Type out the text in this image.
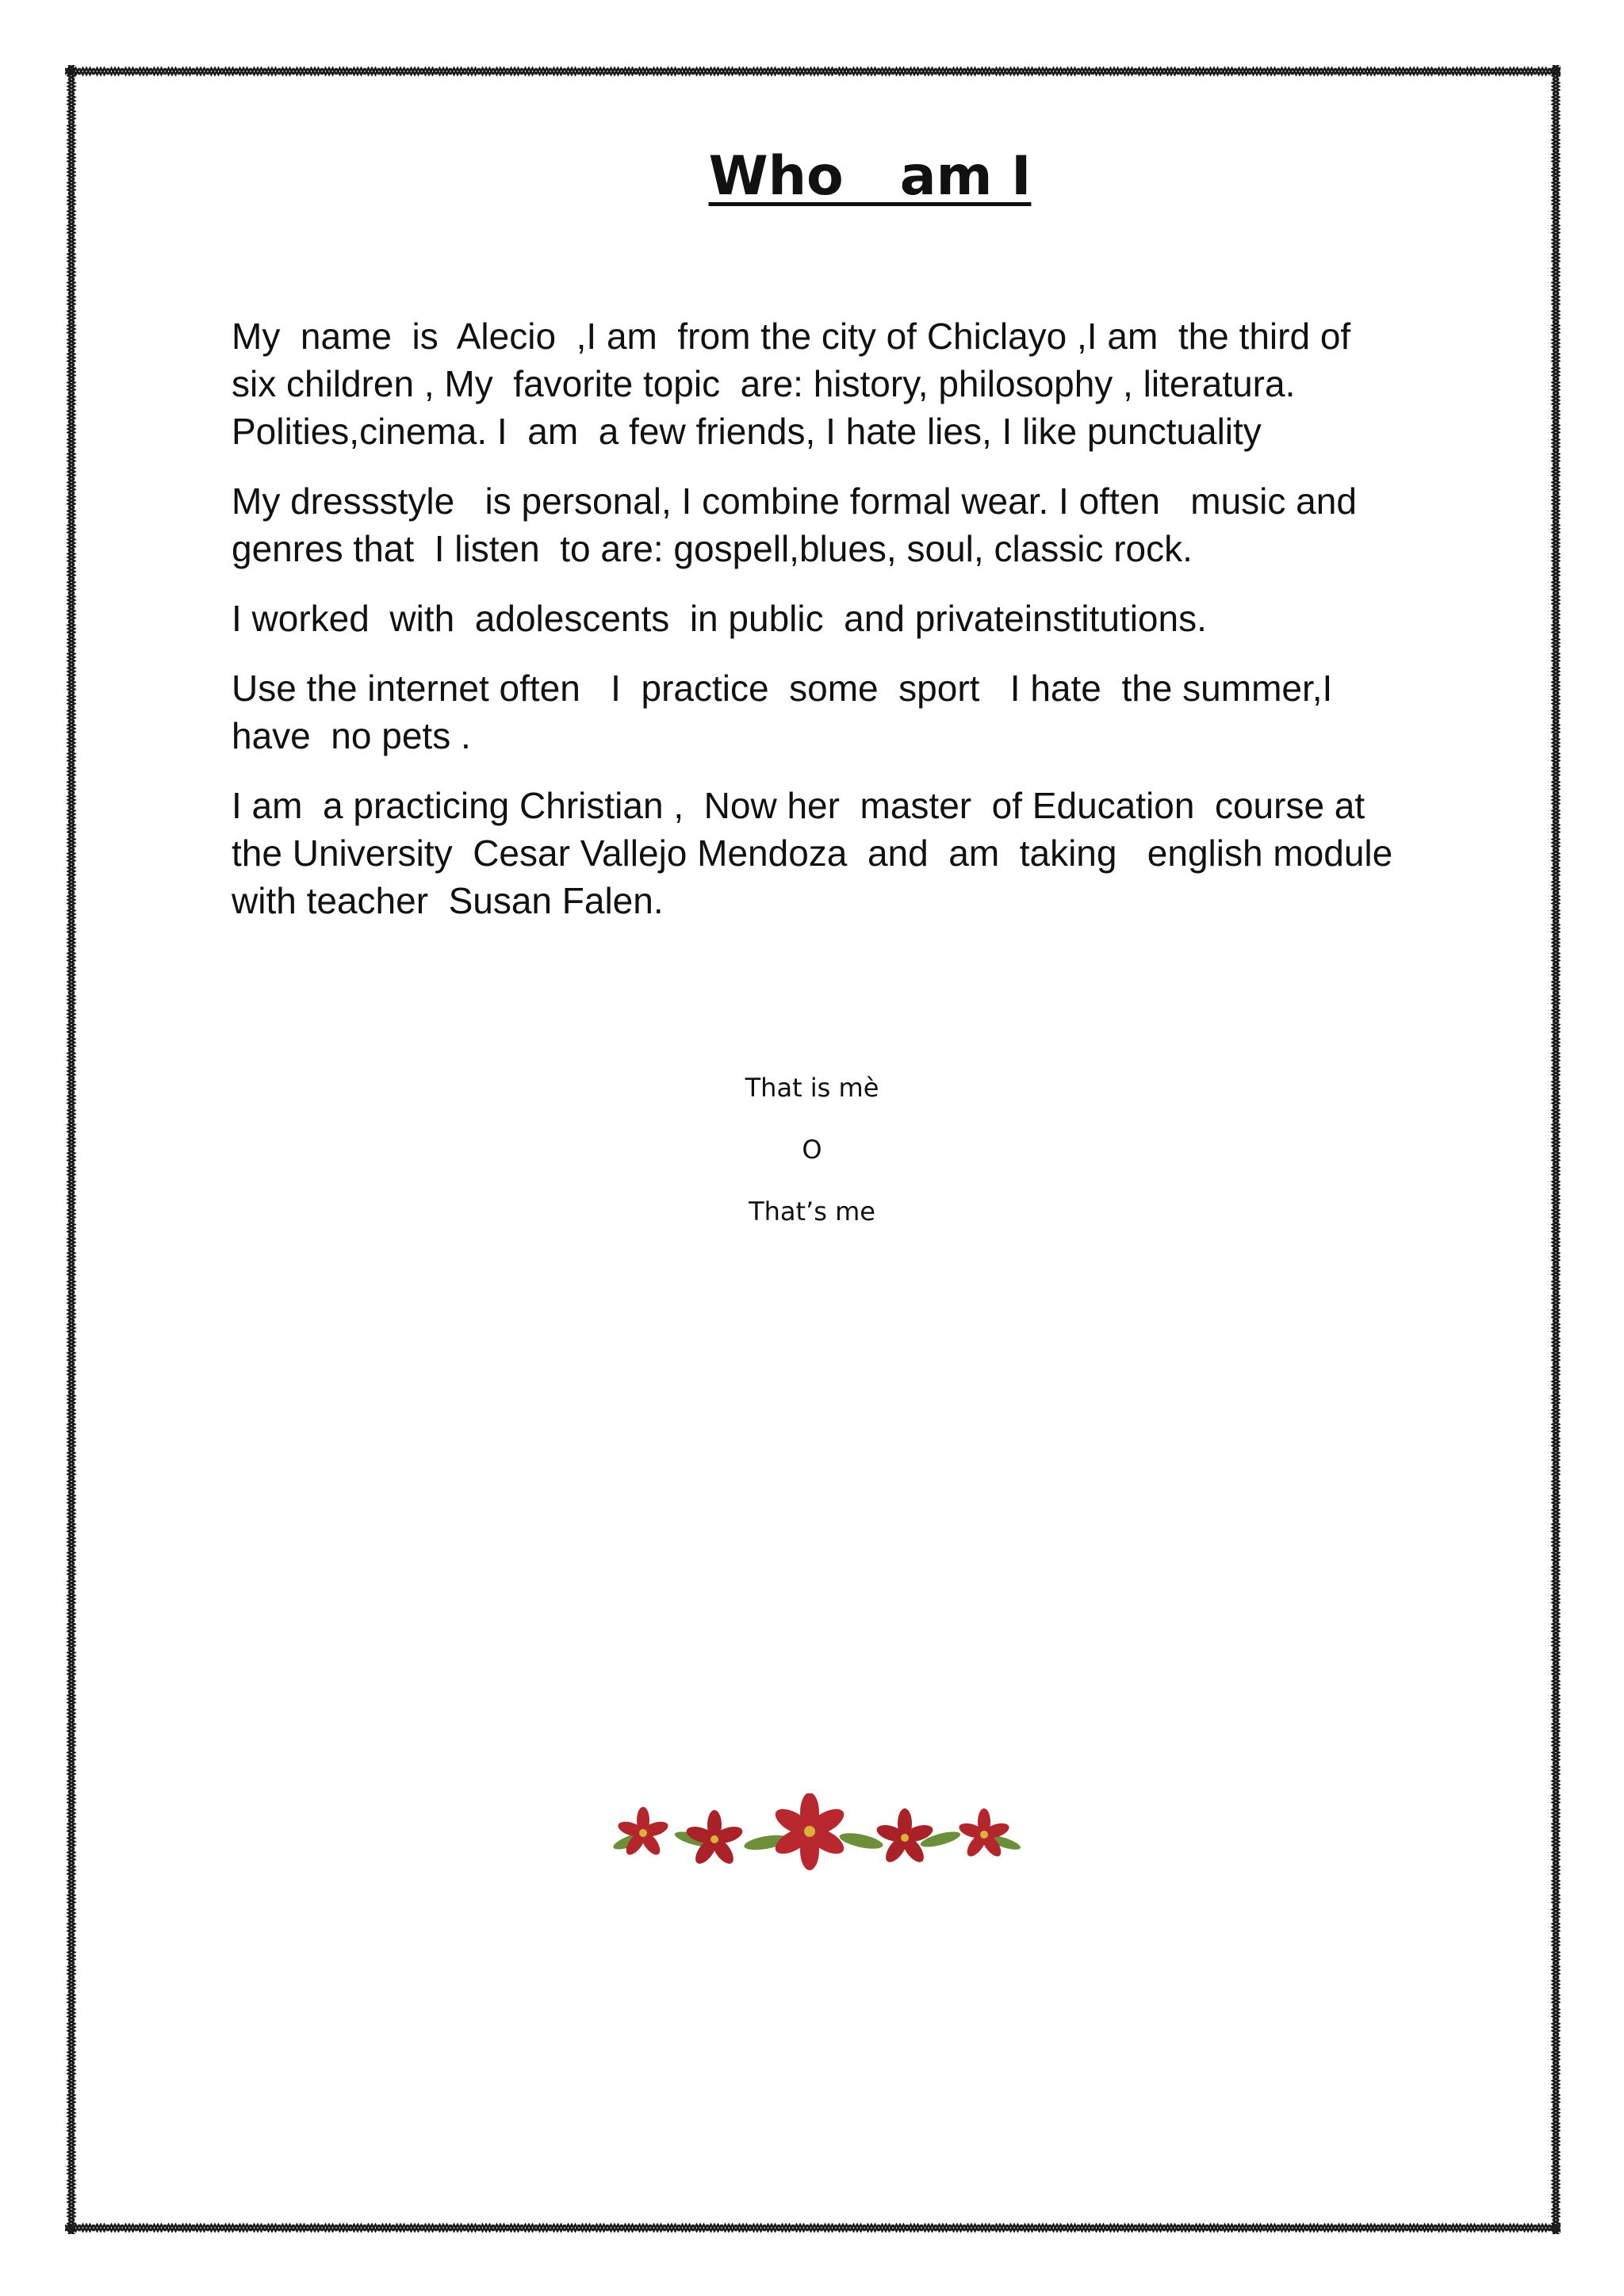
Who   am I

My  name  is  Alecio  ,I am  from the city of Chiclayo ,I am  the third of six children , My  favorite topic  are: history, philosophy , literatura. Polities,cinema. I  am  a few friends, I hate lies, I like punctuality

My dressstyle   is personal, I combine formal wear. I often   music and genres that  I listen  to are: gospell,blues, soul, classic rock.

I worked  with  adolescents  in public  and privateinstitutions.

Use the internet often   I  practice  some  sport   I hate  the summer,I have  no pets .

I am  a practicing Christian ,  Now her  master  of Education  course at  the University  Cesar Vallejo Mendoza  and  am  taking   english module  with teacher  Susan Falen.

That is mè
O
That’s me
